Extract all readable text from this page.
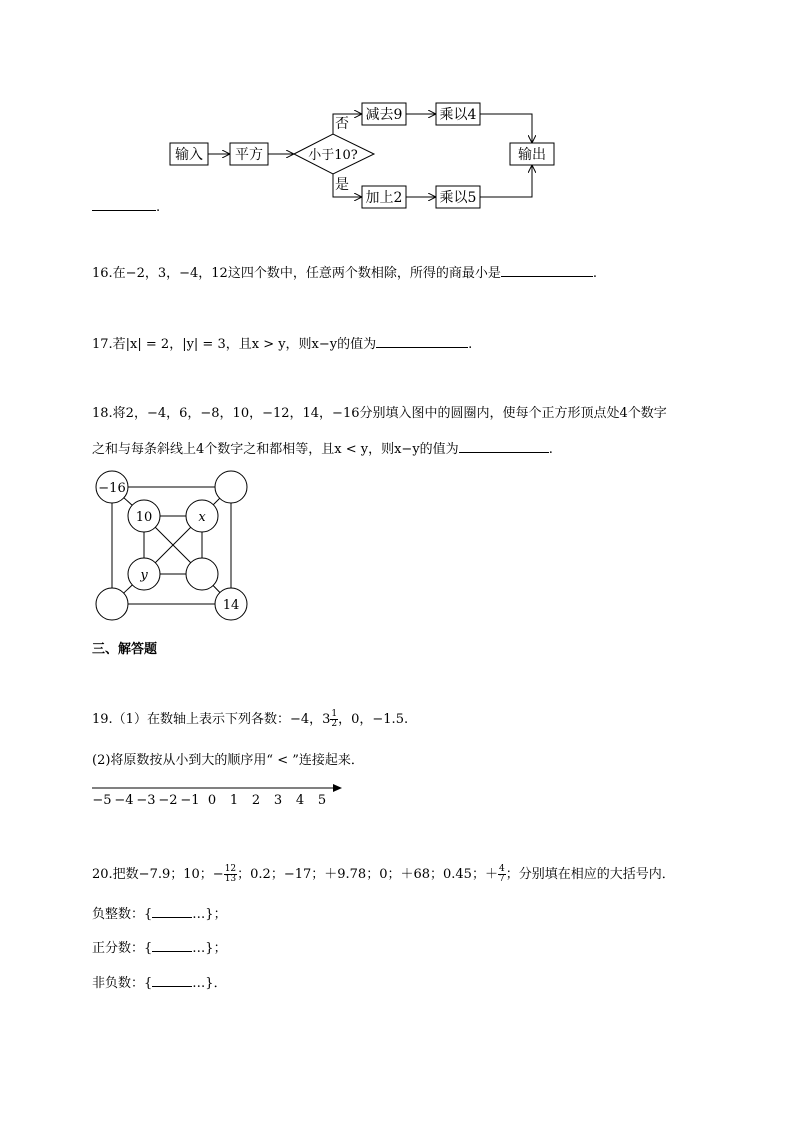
输入 平方	小于10?
减去9	乘以4
加上2	乘以5
输出
否
是
.
16.在−2，3，−4，12这四个数中，任意两个数相除，所得的商最小是	.
17.若|x| = 2，|y| = 3，且x > y，则x−y的值为	.
18.将2，−4，6，−8，10，−12，14，−16分别填入图中的圆圈内，使每个正方形顶点处4个数字
之和与每条斜线上4个数字之和都相等，且x < y，则x−y的值为	.
−16
10	x
y
14
三、解答题
19.（1）在数轴上表示下列各数：−4，$3 \frac{1}{2}$ ，0，−1.5.
(2)将原数按从小到大的顺序用“ < ”连接起来．
−5 −4 −3 −2 −1 0 1 2 3 4 5
20.把数−7.9；10；− $\frac{12}{13}$ ；0.2；−17；＋9.78；0；＋68；0.45；＋ $\frac{4}{7}$ ；分别填在相应的大括号内．
负整数：{	…}；
正分数：{	…}；
非负数：{	…}．
